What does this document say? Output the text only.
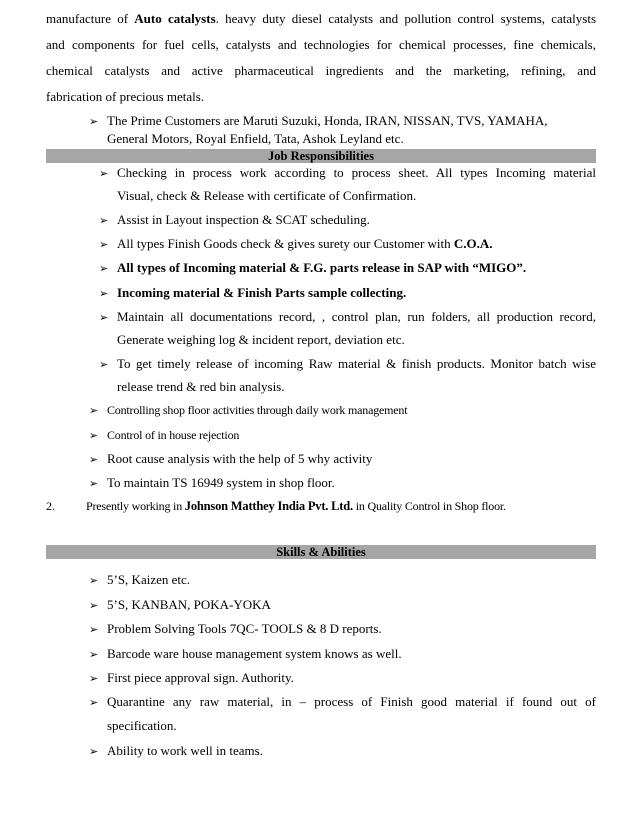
manufacture of Auto catalysts. heavy duty diesel catalysts and pollution control systems, catalysts
and components for fuel cells, catalysts and technologies for chemical processes, fine chemicals,
chemical catalysts and active pharmaceutical ingredients and the marketing, refining, and
fabrication of precious metals.
➢ The Prime Customers are Maruti Suzuki, Honda, IRAN, NISSAN, TVS, YAMAHA,
General Motors, Royal Enfield, Tata, Ashok Leyland etc.
Job Responsibilities
➢ Checking in process work according to process sheet. All types Incoming material
Visual, check & Release with certificate of Confirmation.
➢ Assist in Layout inspection & SCAT scheduling.
➢ All types Finish Goods check & gives surety our Customer with C.O.A.
➢ All types of Incoming material & F.G. parts release in SAP with “MIGO”.
➢ Incoming material & Finish Parts sample collecting.
➢ Maintain all documentations record, , control plan, run folders, all production record,
Generate weighing log & incident report, deviation etc.
➢ To get timely release of incoming Raw material & finish products. Monitor batch wise
release trend & red bin analysis.
➢ Controlling shop floor activities through daily work management
➢ Control of in house rejection
➢ Root cause analysis with the help of 5 why activity
➢ To maintain TS 16949 system in shop floor.
2.	Presently working in Johnson Matthey India Pvt. Ltd. in Quality Control in Shop floor.
Skills & Abilities
➢ 5’S, Kaizen etc.
➢ 5’S, KANBAN, POKA-YOKA
➢ Problem Solving Tools 7QC- TOOLS & 8 D reports.
➢ Barcode ware house management system knows as well.
➢ First piece approval sign. Authority.
➢ Quarantine any raw material, in – process of Finish good material if found out of
specification.
➢ Ability to work well in teams.
